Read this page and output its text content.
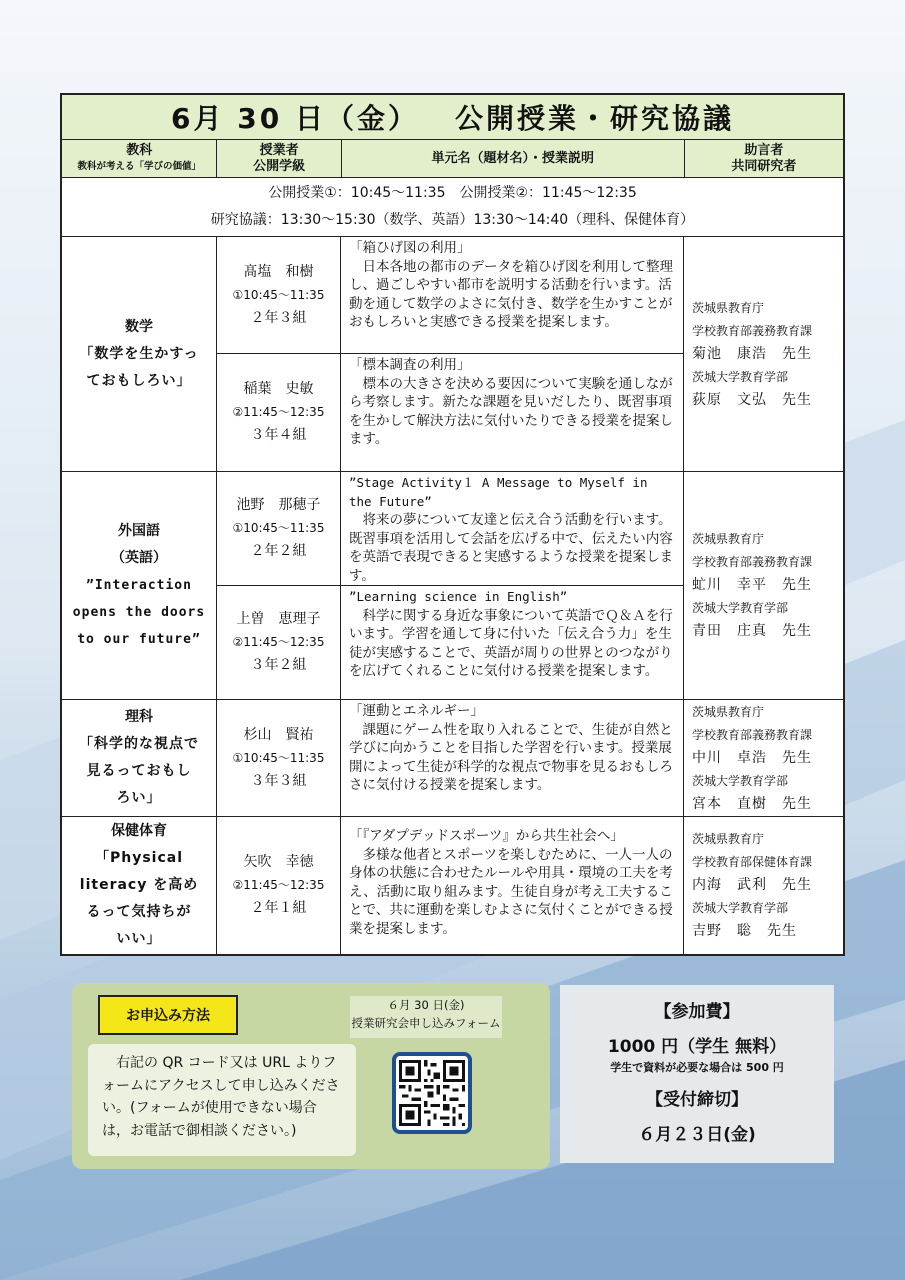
6月 30 日（金） 公開授業・研究協議
教科
教科が考える「学びの価値」
授業者
公開学級
単元名（題材名）・授業説明
助言者
共同研究者
公開授業①：10:45～11:35　公開授業②：11:45～12:35
研究協議：13:30～15:30（数学、英語）13:30～14:40（理科、保健体育）
数学
「数学を生かすっ
ておもしろい」
髙塩　和樹
①10:45～11:35
２年３組
「箱ひげ図の利用」
日本各地の都市のデータを箱ひげ図を利用して整理し、過ごしやすい都市を説明する活動を行います。活動を通して数学のよさに気付き、数学を生かすことがおもしろいと実感できる授業を提案します。
稲葉　史敏
②11:45～12:35
３年４組
「標本調査の利用」
標本の大きさを決める要因について実験を通しながら考察します。新たな課題を見いだしたり、既習事項を生かして解決方法に気付いたりできる授業を提案します。
茨城県教育庁
学校教育部義務教育課
菊池　康浩　先生
茨城大学教育学部
荻原　文弘　先生
外国語
（英語）
”Interaction
opens the doors
to our future”
池野　那穂子
①10:45～11:35
２年２組
”Stage Activity１ A Message to Myself in the Future”
将来の夢について友達と伝え合う活動を行います。既習事項を活用して会話を広げる中で、伝えたい内容を英語で表現できると実感するような授業を提案します。
上曽　恵理子
②11:45～12:35
３年２組
”Learning science in English”
科学に関する身近な事象について英語でＱ＆Ａを行います。学習を通して身に付いた「伝え合う力」を生徒が実感することで、英語が周りの世界とのつながりを広げてくれることに気付ける授業を提案します。
茨城県教育庁
学校教育部義務教育課
虻川　幸平　先生
茨城大学教育学部
青田　庄真　先生
理科
「科学的な視点で
見るっておもし
ろい」
杉山　賢祐
①10:45～11:35
３年３組
「運動とエネルギー」
課題にゲーム性を取り入れることで、生徒が自然と学びに向かうことを目指した学習を行います。授業展開によって生徒が科学的な視点で物事を見るおもしろさに気付ける授業を提案します。
茨城県教育庁
学校教育部義務教育課
中川　卓浩　先生
茨城大学教育学部
宮本　直樹　先生
保健体育
「Physical
literacy を高め
るって気持ちが
いい」
矢吹　幸徳
②11:45～12:35
２年１組
「『アダプデッドスポーツ』から共生社会へ」
多様な他者とスポーツを楽しむために、一人一人の身体の状態に合わせたルールや用具・環境の工夫を考え、活動に取り組みます。生徒自身が考え工夫することで、共に運動を楽しむよさに気付くことができる授業を提案します。
茨城県教育庁
学校教育部保健体育課
内海　武利　先生
茨城大学教育学部
吉野　聡　先生
お申込み方法
６月 30 日(金)
授業研究会申し込みフォーム
右記の QR コード又は URL よりフォームにアクセスして申し込みください。(フォームが使用できない場合は，お電話で御相談ください。)
【参加費】
1000 円（学生 無料）
学生で資料が必要な場合は 500 円
【受付締切】
６月２３日(金)
